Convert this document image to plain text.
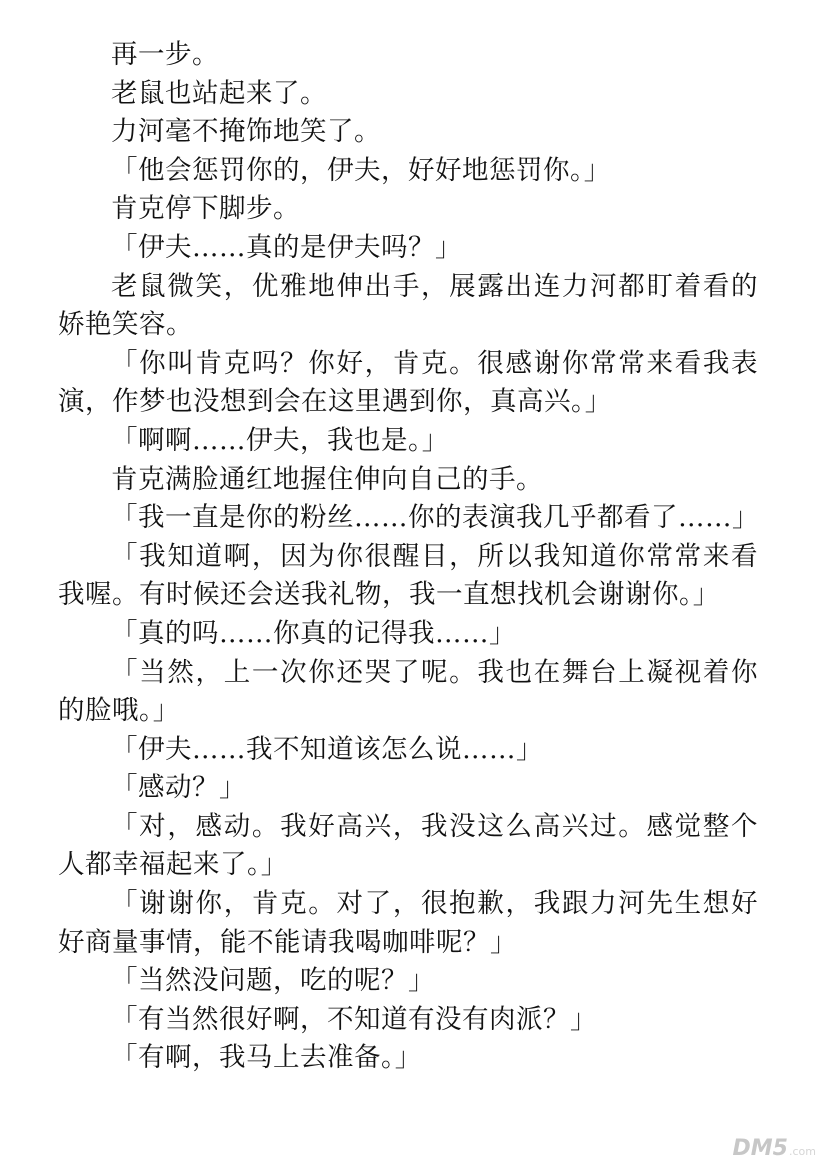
再一步。

老鼠也站起来了。

力河毫不掩饰地笑了。

「他会惩罚你的，伊夫，好好地惩罚你。」

肯克停下脚步。

「伊夫……真的是伊夫吗？」

老鼠微笑，优雅地伸出手，展露出连力河都盯着看的娇艳笑容。

「你叫肯克吗？你好，肯克。很感谢你常常来看我表演，作梦也没想到会在这里遇到你，真高兴。」

「啊啊……伊夫，我也是。」

肯克满脸通红地握住伸向自己的手。

「我一直是你的粉丝……你的表演我几乎都看了……」

「我知道啊，因为你很醒目，所以我知道你常常来看我喔。有时候还会送我礼物，我一直想找机会谢谢你。」

「真的吗……你真的记得我……」

「当然，上一次你还哭了呢。我也在舞台上凝视着你的脸哦。」

「伊夫……我不知道该怎么说……」

「感动？」

「对，感动。我好高兴，我没这么高兴过。感觉整个人都幸福起来了。」

「谢谢你，肯克。对了，很抱歉，我跟力河先生想好好商量事情，能不能请我喝咖啡呢？」

「当然没问题，吃的呢？」

「有当然很好啊，不知道有没有肉派？」

「有啊，我马上去准备。」

DM5 .com
